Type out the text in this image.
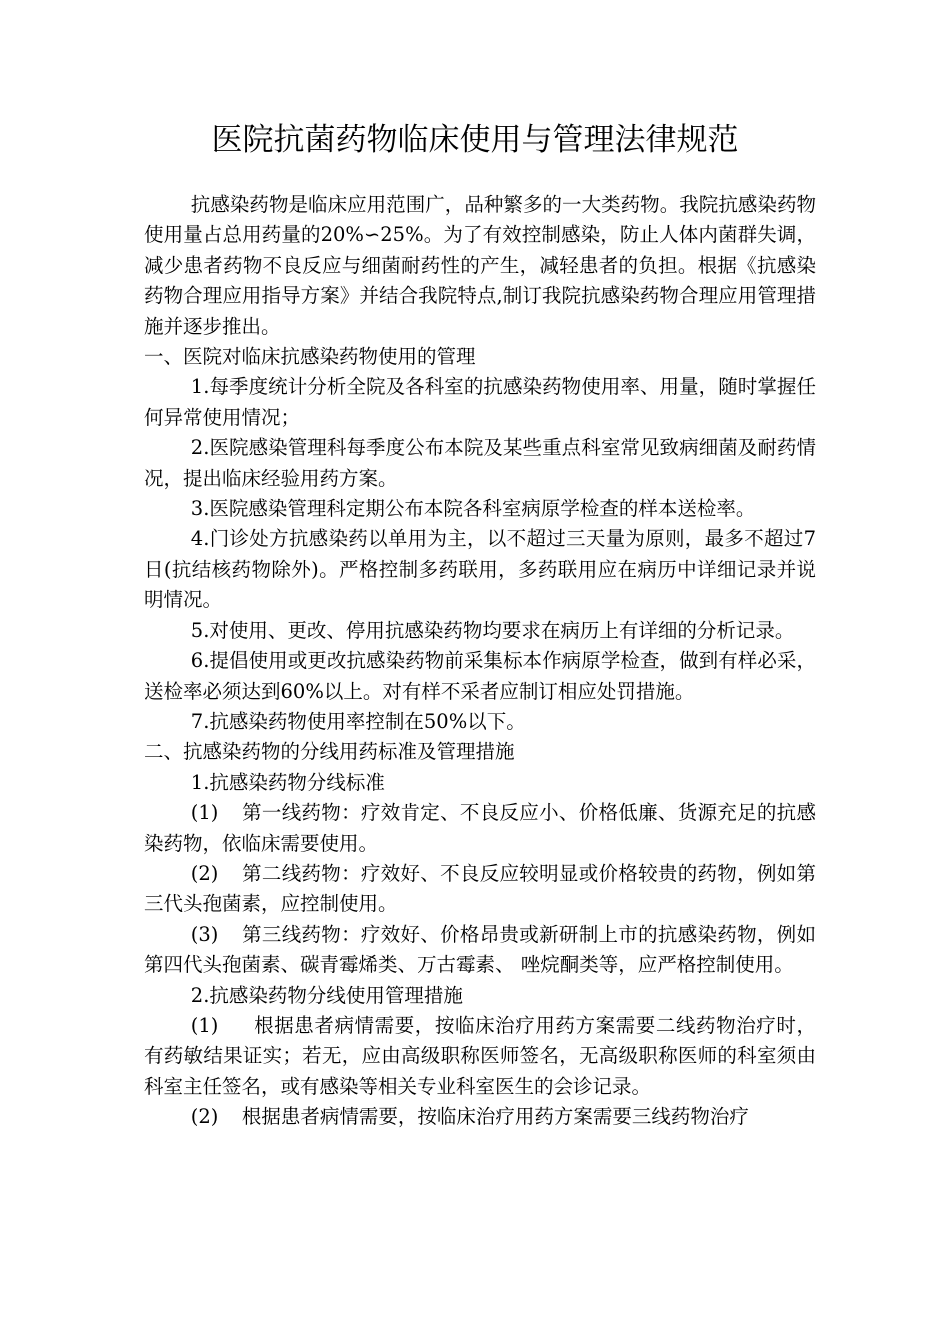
医院抗菌药物临床使用与管理法律规范

抗感染药物是临床应用范围广，品种繁多的一大类药物。我院抗感染药物使用量占总用药量的20%∽25%。为了有效控制感染，防止人体内菌群失调，减少患者药物不良反应与细菌耐药性的产生，减轻患者的负担。根据《抗感染药物合理应用指导方案》并结合我院特点,制订我院抗感染药物合理应用管理措施并逐步推出。

一、医院对临床抗感染药物使用的管理

1.每季度统计分析全院及各科室的抗感染药物使用率、用量，随时掌握任何异常使用情况；

2.医院感染管理科每季度公布本院及某些重点科室常见致病细菌及耐药情况，提出临床经验用药方案。

3.医院感染管理科定期公布本院各科室病原学检查的样本送检率。

4.门诊处方抗感染药以单用为主，以不超过三天量为原则，最多不超过7日(抗结核药物除外)。严格控制多药联用，多药联用应在病历中详细记录并说明情况。

5.对使用、更改、停用抗感染药物均要求在病历上有详细的分析记录。

6.提倡使用或更改抗感染药物前采集标本作病原学检查，做到有样必采，送检率必须达到60%以上。对有样不采者应制订相应处罚措施。

7.抗感染药物使用率控制在50%以下。

二、抗感染药物的分线用药标准及管理措施

1.抗感染药物分线标准

(1) 第一线药物：疗效肯定、不良反应小、价格低廉、货源充足的抗感染药物，依临床需要使用。

(2) 第二线药物：疗效好、不良反应较明显或价格较贵的药物，例如第三代头孢菌素，应控制使用。

(3) 第三线药物：疗效好、价格昂贵或新研制上市的抗感染药物，例如第四代头孢菌素、碳青霉烯类、万古霉素、 唑烷酮类等，应严格控制使用。

2.抗感染药物分线使用管理措施

(1) 根据患者病情需要，按临床治疗用药方案需要二线药物治疗时，有药敏结果证实；若无，应由高级职称医师签名，无高级职称医师的科室须由科室主任签名，或有感染等相关专业科室医生的会诊记录。

(2) 根据患者病情需要，按临床治疗用药方案需要三线药物治疗
